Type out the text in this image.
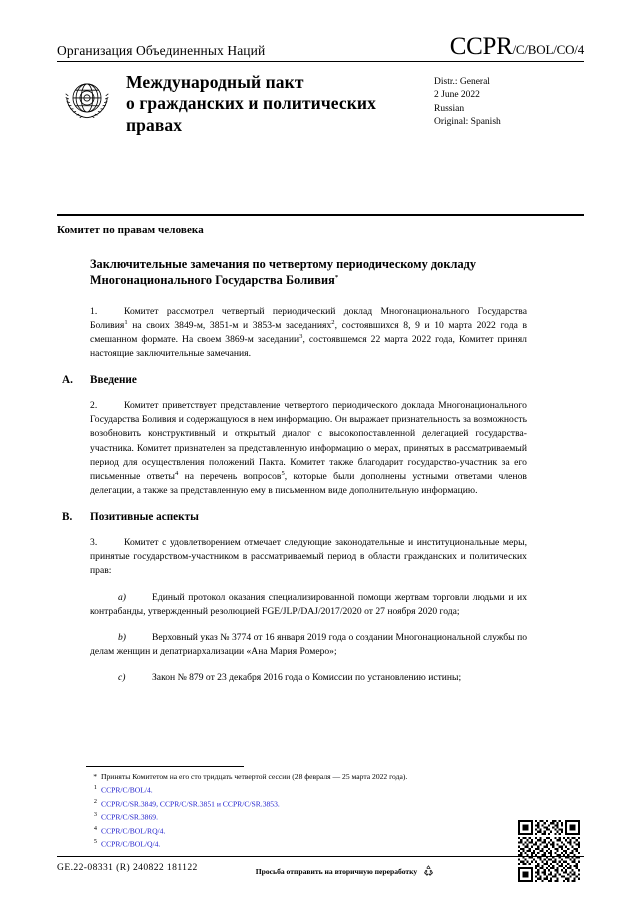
Организация Объединенных Наций	CCPR/C/BOL/CO/4
Международный пакт
о гражданских и политических
правах
Distr.: General
2 June 2022
Russian
Original: Spanish
Комитет по правам человека
Заключительные замечания по четвертому периодическому докладу Многонационального Государства Боливия*
1.	Комитет рассмотрел четвертый периодический доклад Многонационального Государства Боливия$^1$ на своих 3849-м, 3851-м и 3853-м заседаниях$^2$, состоявшихся 8, 9 и 10 марта 2022 года в смешанном формате. На своем 3869-м заседании$^3$, состоявшемся 22 марта 2022 года, Комитет принял настоящие заключительные замечания.
A. Введение
2.	Комитет приветствует представление четвертого периодического доклада Многонационального Государства Боливия и содержащуюся в нем информацию. Он выражает признательность за возможность возобновить конструктивный и открытый диалог с высокопоставленной делегацией государства-участника. Комитет признателен за представленную информацию о мерах, принятых в рассматриваемый период для осуществления положений Пакта. Комитет также благодарит государство-участник за его письменные ответы$^4$ на перечень вопросов$^5$, которые были дополнены устными ответами членов делегации, а также за представленную ему в письменном виде дополнительную информацию.
B. Позитивные аспекты
3.	Комитет с удовлетворением отмечает следующие законодательные и институциональные меры, принятые государством-участником в рассматриваемый период в области гражданских и политических прав:
a)	Единый протокол оказания специализированной помощи жертвам торговли людьми и их контрабанды, утвержденный резолюцией FGE/JLP/DAJ/2017/2020 от 27 ноября 2020 года;
b)	Верховный указ № 3774 от 16 января 2019 года о создании Многонациональной службы по делам женщин и депатриархализации «Ана Мария Ромеро»;
c)	Закон № 879 от 23 декабря 2016 года о Комиссии по установлению истины;
* Приняты Комитетом на его сто тридцать четвертой сессии (28 февраля — 25 марта 2022 года).
1 CCPR/C/BOL/4.
2 CCPR/C/SR.3849, CCPR/C/SR.3851 и CCPR/C/SR.3853.
3 CCPR/C/SR.3869.
4 CCPR/C/BOL/RQ/4.
5 CCPR/C/BOL/Q/4.
GE.22-08331 (R) 240822 181122	Просьба отправить на вторичную переработку
